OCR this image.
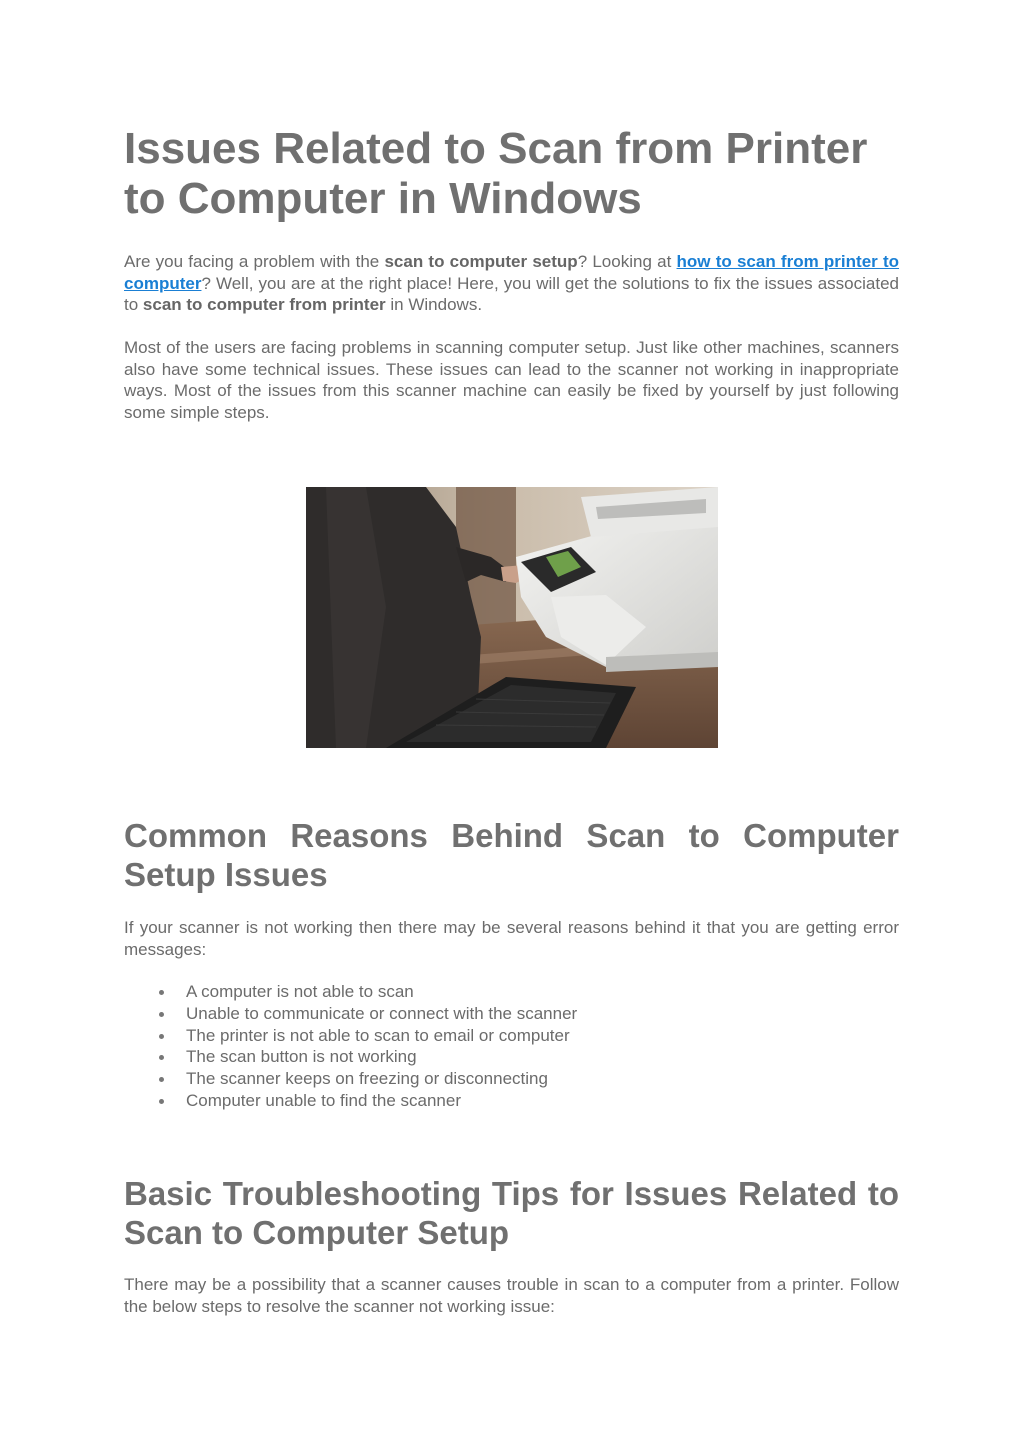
Issues Related to Scan from Printer to Computer in Windows

Are you facing a problem with the scan to computer setup? Looking at how to scan from printer to computer? Well, you are at the right place! Here, you will get the solutions to fix the issues associated to scan to computer from printer in Windows.

Most of the users are facing problems in scanning computer setup. Just like other machines, scanners also have some technical issues. These issues can lead to the scanner not working in inappropriate ways. Most of the issues from this scanner machine can easily be fixed by yourself by just following some simple steps.

Common Reasons Behind Scan to Computer Setup Issues

If your scanner is not working then there may be several reasons behind it that you are getting error messages:

A computer is not able to scan
Unable to communicate or connect with the scanner
The printer is not able to scan to email or computer
The scan button is not working
The scanner keeps on freezing or disconnecting
Computer unable to find the scanner
Basic Troubleshooting Tips for Issues Related to Scan to Computer Setup

There may be a possibility that a scanner causes trouble in scan to a computer from a printer. Follow the below steps to resolve the scanner not working issue:
